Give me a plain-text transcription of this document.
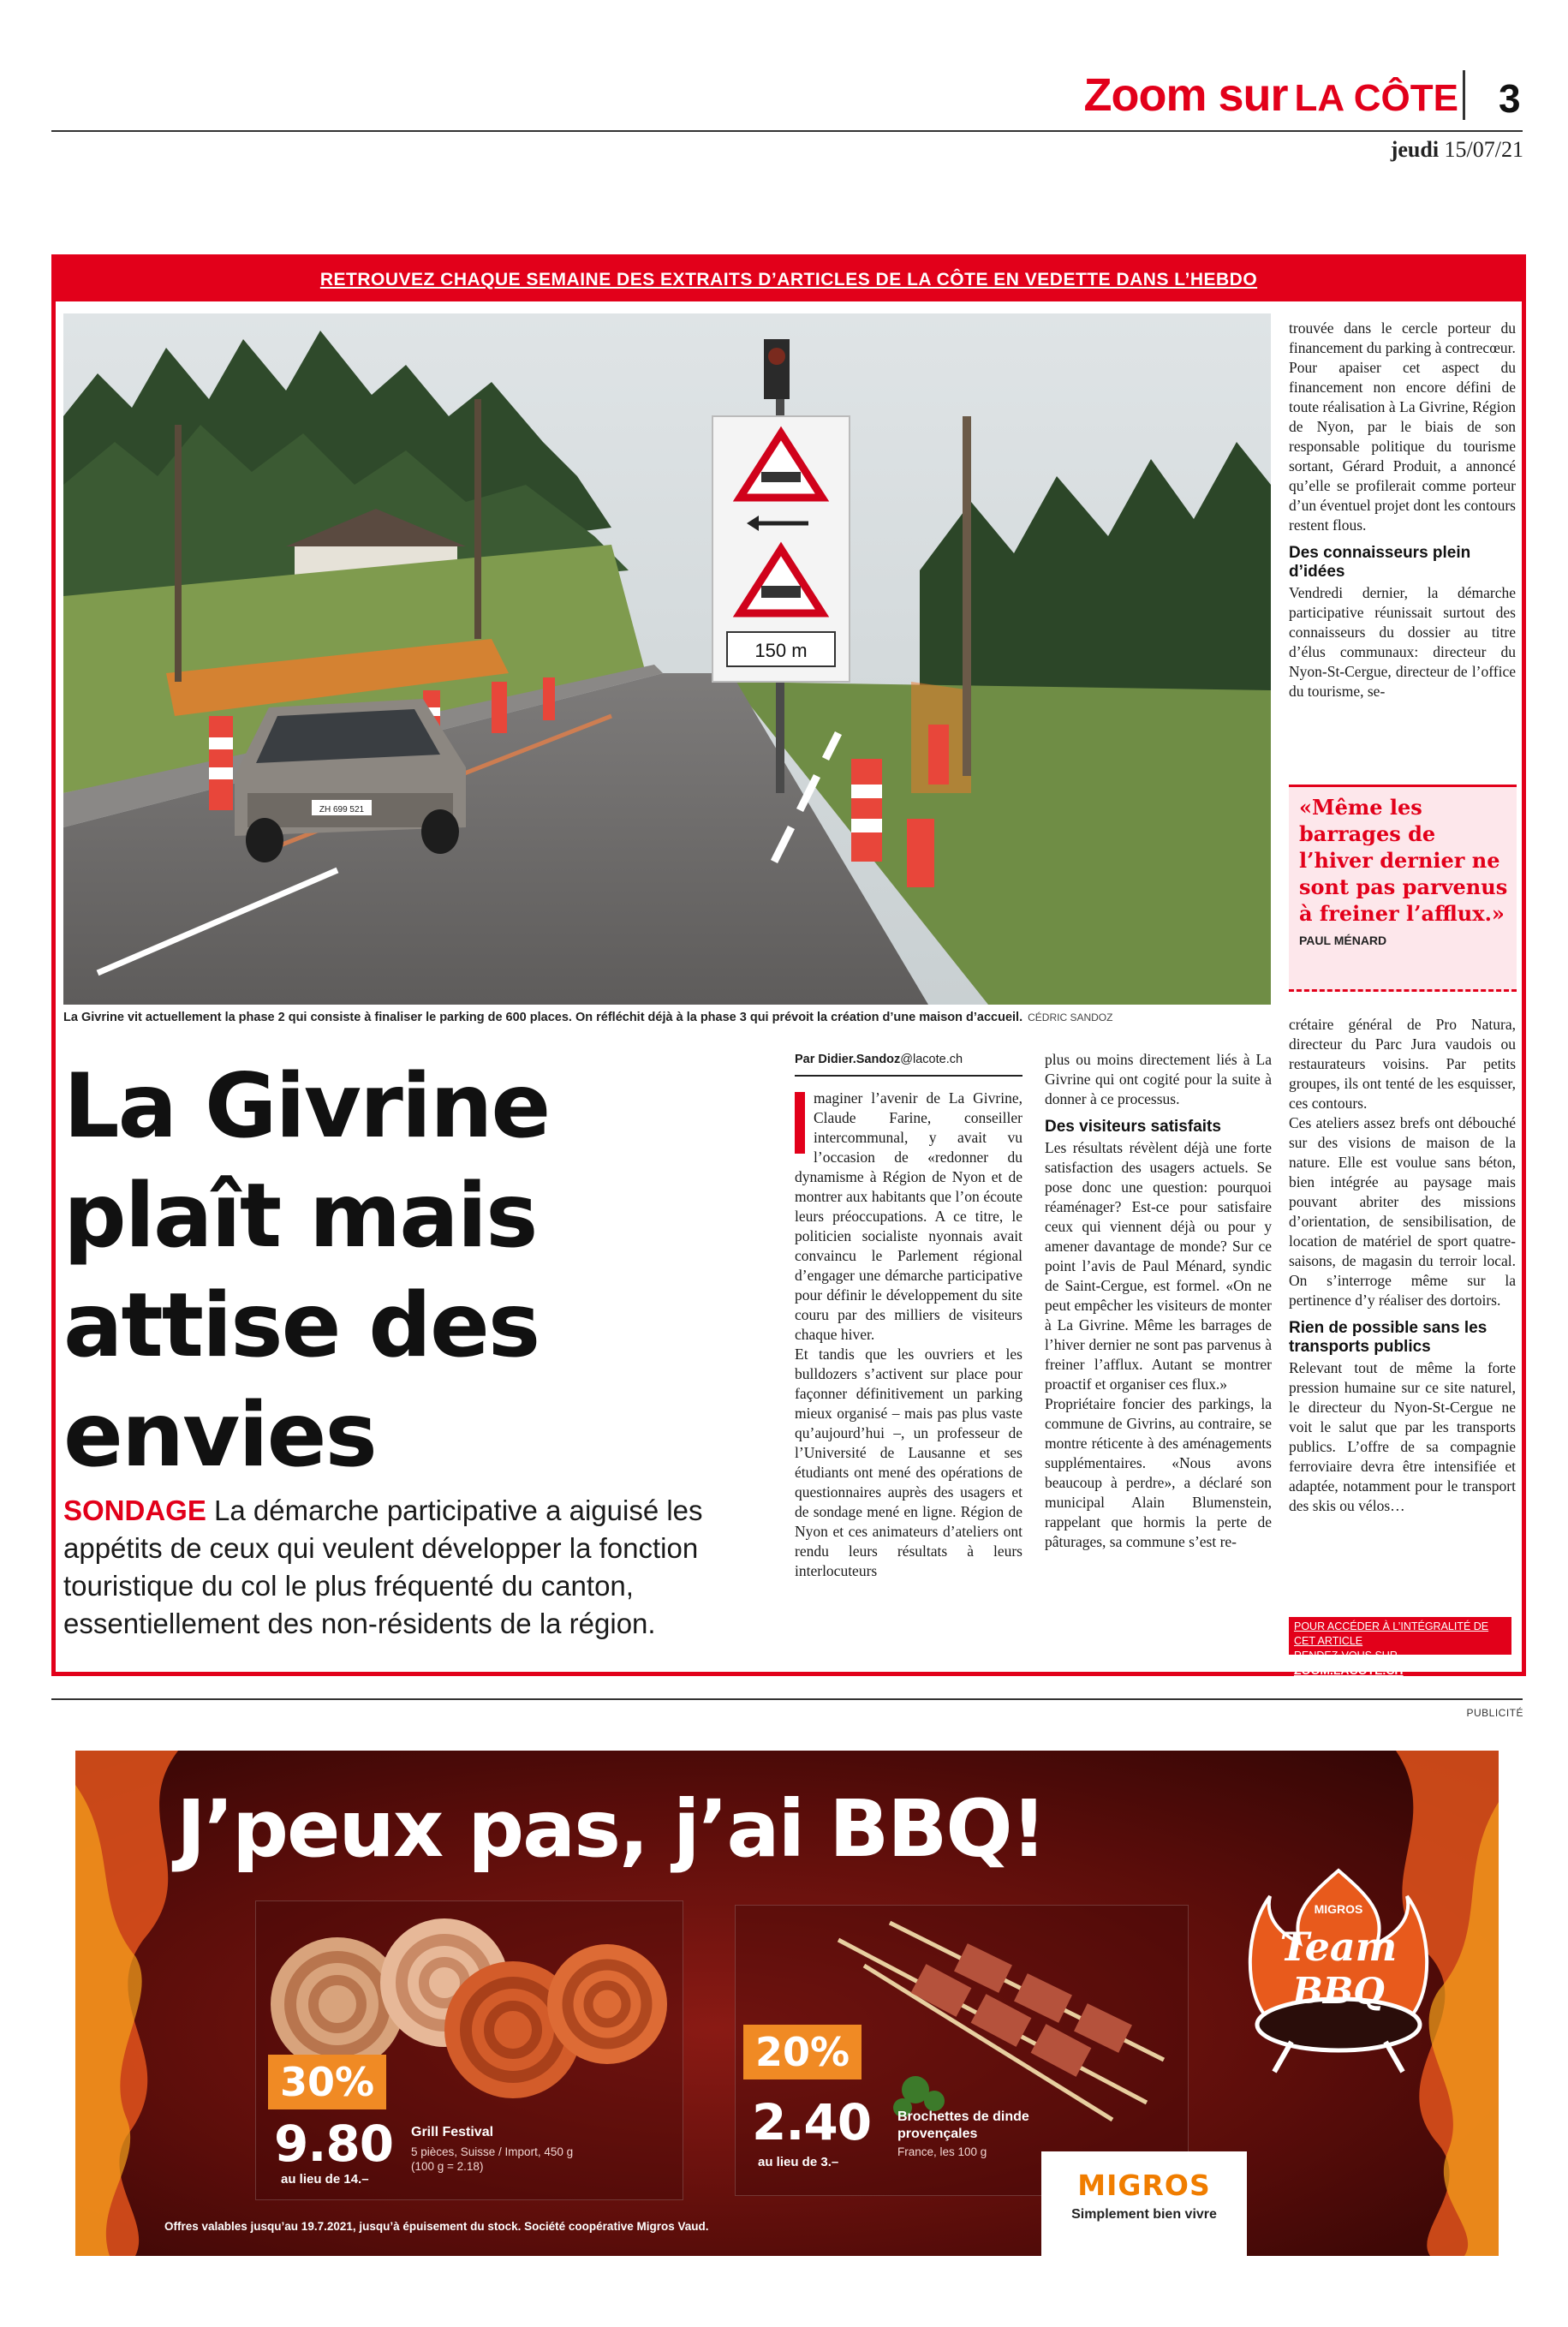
Zoom sur LA CÔTE 3
jeudi 15/07/21
RETROUVEZ CHAQUE SEMAINE DES EXTRAITS D’ARTICLES DE LA CÔTE EN VEDETTE DANS L’HEBDO
ZH 699 521
150 m
La Givrine vit actuellement la phase 2 qui consiste à finaliser le parking de 600 places. On réfléchit déjà à la phase 3 qui prévoit la création d’une maison d’accueil. CÉDRIC SANDOZ
La Givrine
plaît mais
attise des
envies

SONDAGE La démarche participative a aiguisé les appétits de ceux qui veulent développer la fonction touristique du col le plus fréquenté du canton, essentiellement des non-résidents de la région.

Par Didier.Sandoz@lacote.ch

maginer l’avenir de La Givrine, Claude Farine, conseiller intercommunal, y avait vu l’occasion de «redonner du dynamisme à Région de Nyon et de montrer aux habitants que l’on écoute leurs préoccupations. A ce titre, le politicien socialiste nyonnais avait convaincu le Parlement régional d’engager une démarche participative pour définir le développement du site couru par des milliers de visiteurs chaque hiver.

Et tandis que les ouvriers et les bulldozers s’activent sur place pour façonner définitivement un parking mieux organisé – mais pas plus vaste qu’aujourd’hui –, un professeur de l’Université de Lausanne et ses étudiants ont mené des opérations de questionnaires auprès des usagers et de sondage mené en ligne. Région de Nyon et ces animateurs d’ateliers ont rendu leurs résultats à leurs interlocuteurs

plus ou moins directement liés à La Givrine qui ont cogité pour la suite à donner à ce processus.

Des visiteurs satisfaits

Les résultats révèlent déjà une forte satisfaction des usagers actuels. Se pose donc une question: pourquoi réaménager? Est-ce pour satisfaire ceux qui viennent déjà ou pour y amener davantage de monde? Sur ce point l’avis de Paul Ménard, syndic de Saint-Cergue, est formel. «On ne peut empêcher les visiteurs de monter à La Givrine. Même les barrages de l’hiver dernier ne sont pas parvenus à freiner l’afflux. Autant se montrer proactif et organiser ces flux.»

Propriétaire foncier des parkings, la commune de Givrins, au contraire, se montre réticente à des aménagements supplémentaires. «Nous avons beaucoup à perdre», a déclaré son municipal Alain Blumenstein, rappelant que hormis la perte de pâturages, sa commune s’est re-

trouvée dans le cercle porteur du financement du parking à contrecœur.

Pour apaiser cet aspect du financement non encore défini de toute réalisation à La Givrine, Région de Nyon, par le biais de son responsable politique du tourisme sortant, Gérard Produit, a annoncé qu’elle se profilerait comme porteur d’un éventuel projet dont les contours restent flous.

Des connaisseurs plein d’idées

Vendredi dernier, la démarche participative réunissait surtout des connaisseurs du dossier au titre d’élus communaux: directeur du Nyon-St-Cergue, directeur de l’office du tourisme, se-

«Même les barrages de l’hiver dernier ne sont pas parvenus à freiner l’afflux.»
PAUL MÉNARD

crétaire général de Pro Natura, directeur du Parc Jura vaudois ou restaurateurs voisins. Par petits groupes, ils ont tenté de les esquisser, ces contours.

Ces ateliers assez brefs ont débouché sur des visions de maison de la nature. Elle est voulue sans béton, bien intégrée au paysage mais pouvant abriter des missions d’orientation, de sensibilisation, de location de matériel de sport quatre-saisons, de magasin du terroir local. On s’interroge même sur la pertinence d’y réaliser des dortoirs.

Rien de possible sans les transports publics

Relevant tout de même la forte pression humaine sur ce site naturel, le directeur du Nyon-St-Cergue ne voit le salut que par les transports publics. L’offre de sa compagnie ferroviaire devra être intensifiée et adaptée, notamment pour le transport des skis ou vélos…

POUR ACCÉDER À L’INTÉGRALITÉ DE CET ARTICLE
RENDEZ-VOUS SUR ZOOM.LACOTE.CH
PUBLICITÉ
J’peux pas, j’ai BBQ!
30%
9.80
au lieu de 14.–
Grill Festival
5 pièces, Suisse / Import, 450 g
(100 g = 2.18)
20%
2.40
au lieu de 3.–
Brochettes de dinde
provençales
France, les 100 g
MIGROS
Team
BBQ
MIGROS
Simplement bien vivre
Offres valables jusqu’au 19.7.2021, jusqu’à épuisement du stock. Société coopérative Migros Vaud.
